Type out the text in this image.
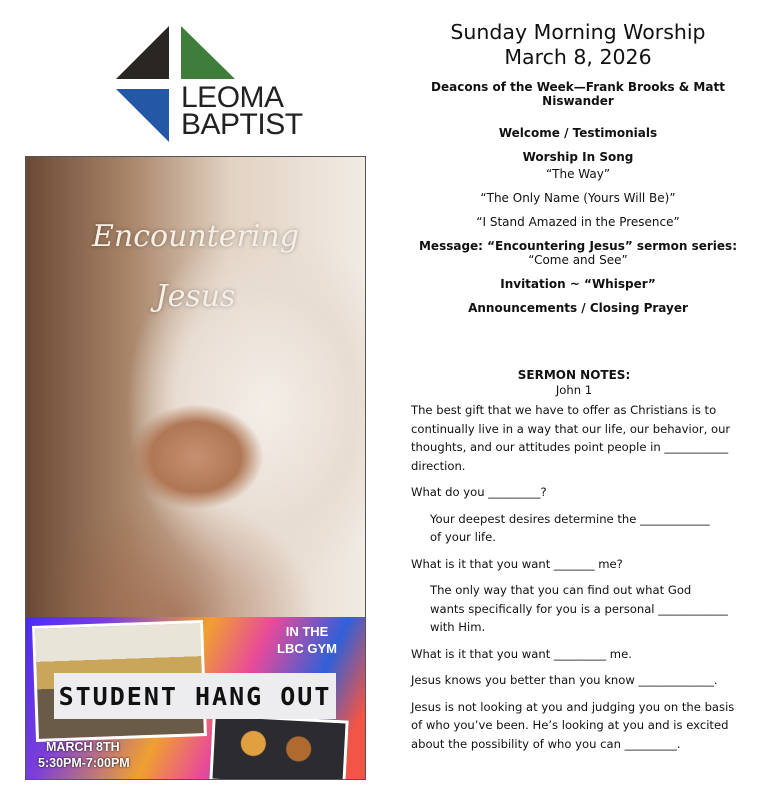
LEOMA
BAPTIST
Encountering
Jesus
IN THE
LBC GYM
STUDENT HANG OUT
MARCH 8TH
5:30PM-7:00PM
Sunday Morning Worship
March 8, 2026
Deacons of the Week—Frank Brooks & Matt Niswander
Welcome / Testimonials
Worship In Song
“The Way”
“The Only Name (Yours Will Be)”
“I Stand Amazed in the Presence”
Message: “Encountering Jesus” sermon series:
“Come and See”
Invitation ~ “Whisper”
Announcements / Closing Prayer
SERMON NOTES:
John 1

The best gift that we have to offer as Christians is to continually live in a way that our life, our behavior, our thoughts, and our attitudes point people in ___________ direction.

What do you _________?

Your deepest desires determine the ____________ of your life.

What is it that you want _______ me?

The only way that you can find out what God wants specifically for you is a personal ____________ with Him.

What is it that you want _________ me.

Jesus knows you better than you know _____________.

Jesus is not looking at you and judging you on the basis of who you’ve been. He’s looking at you and is excited about the possibility of who you can _________.
